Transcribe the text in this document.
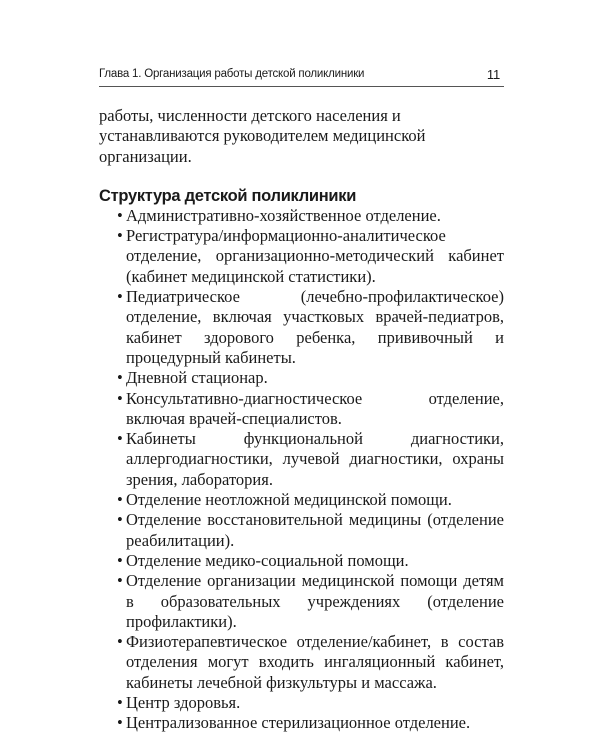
Глава 1. Организация работы детской поликлиники	11

работы, численности детского населения и устанавливаются руководителем медицинской организации.

Структура детской поликлиники
• Административно-хозяйственное отделение.
• Регистратура/информационно-аналитическое отделение, организационно-методический кабинет (кабинет медицинской статистики).
• Педиатрическое (лечебно-профилактическое) отделение, включая участковых врачей-педиатров, кабинет здорового ребенка, прививочный и процедурный кабинеты.
• Дневной стационар.
• Консультативно-диагностическое отделение, включая врачей-специалистов.
• Кабинеты функциональной диагностики, аллергодиагностики, лучевой диагностики, охраны зрения, лаборатория.
• Отделение неотложной медицинской помощи.
• Отделение восстановительной медицины (отделение реабилитации).
• Отделение медико-социальной помощи.
• Отделение организации медицинской помощи детям в образовательных учреждениях (отделение профилактики).
• Физиотерапевтическое отделение/кабинет, в состав отделения могут входить ингаляционный кабинет, кабинеты лечебной физкультуры и массажа.
• Центр здоровья.
• Централизованное стерилизационное отделение.
